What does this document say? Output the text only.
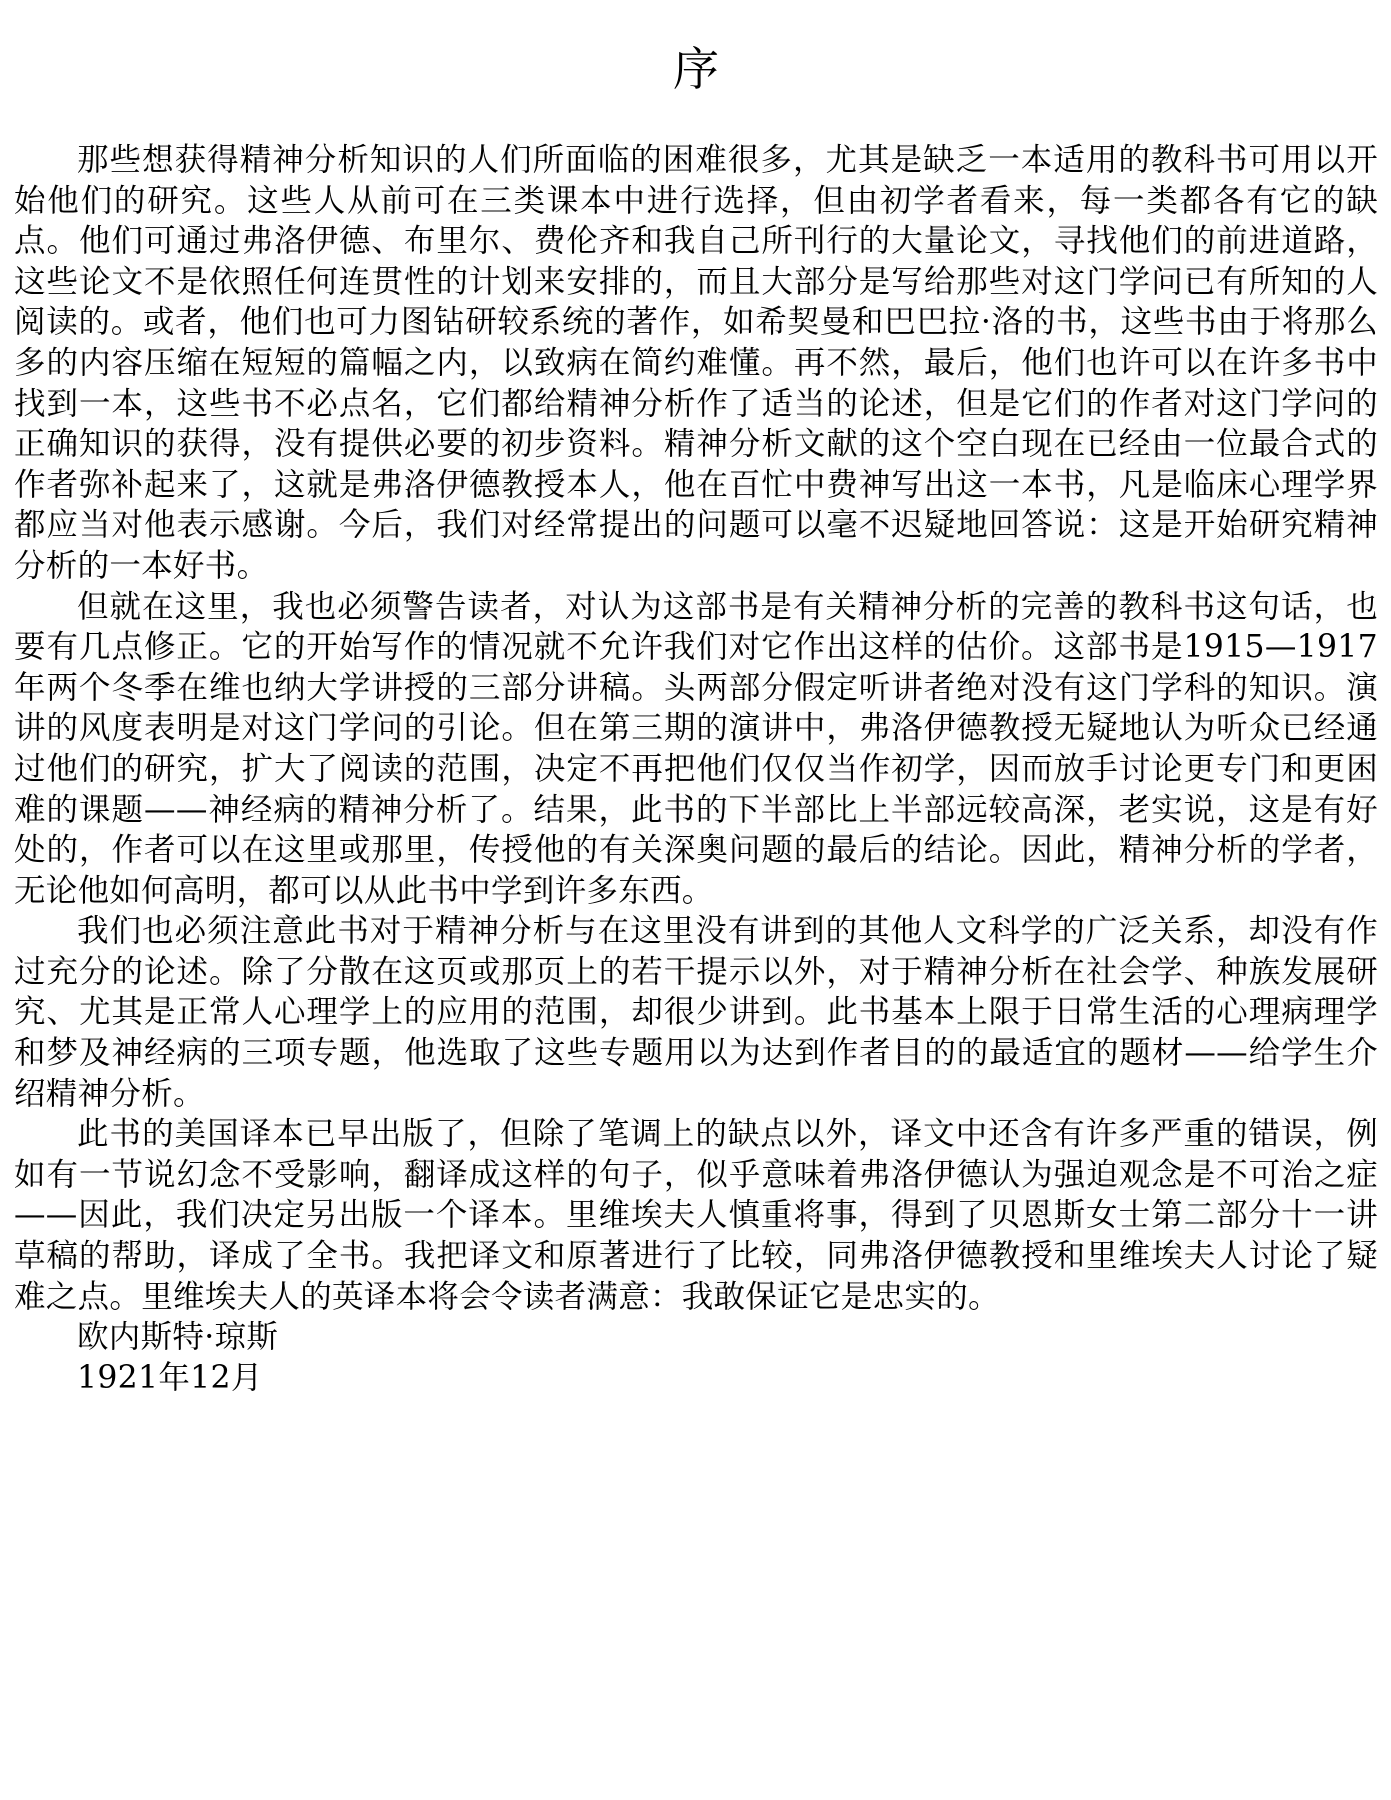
序

那些想获得精神分析知识的人们所面临的困难很多，尤其是缺乏一本适用的教科书可用以开始他们的研究。这些人从前可在三类课本中进行选择，但由初学者看来，每一类都各有它的缺点。他们可通过弗洛伊德、布里尔、费伦齐和我自己所刊行的大量论文，寻找他们的前进道路，这些论文不是依照任何连贯性的计划来安排的，而且大部分是写给那些对这门学问已有所知的人阅读的。或者，他们也可力图钻研较系统的著作，如希契曼和巴巴拉·洛的书，这些书由于将那么多的内容压缩在短短的篇幅之内，以致病在简约难懂。再不然，最后，他们也许可以在许多书中找到一本，这些书不必点名，它们都给精神分析作了适当的论述，但是它们的作者对这门学问的正确知识的获得，没有提供必要的初步资料。精神分析文献的这个空白现在已经由一位最合式的作者弥补起来了，这就是弗洛伊德教授本人，他在百忙中费神写出这一本书，凡是临床心理学界都应当对他表示感谢。今后，我们对经常提出的问题可以毫不迟疑地回答说：这是开始研究精神分析的一本好书。

但就在这里，我也必须警告读者，对认为这部书是有关精神分析的完善的教科书这句话，也要有几点修正。它的开始写作的情况就不允许我们对它作出这样的估价。这部书是1915—1917年两个冬季在维也纳大学讲授的三部分讲稿。头两部分假定听讲者绝对没有这门学科的知识。演讲的风度表明是对这门学问的引论。但在第三期的演讲中，弗洛伊德教授无疑地认为听众已经通过他们的研究，扩大了阅读的范围，决定不再把他们仅仅当作初学，因而放手讨论更专门和更困难的课题——神经病的精神分析了。结果，此书的下半部比上半部远较高深，老实说，这是有好处的，作者可以在这里或那里，传授他的有关深奥问题的最后的结论。因此，精神分析的学者，无论他如何高明，都可以从此书中学到许多东西。

我们也必须注意此书对于精神分析与在这里没有讲到的其他人文科学的广泛关系，却没有作过充分的论述。除了分散在这页或那页上的若干提示以外，对于精神分析在社会学、种族发展研究、尤其是正常人心理学上的应用的范围，却很少讲到。此书基本上限于日常生活的心理病理学和梦及神经病的三项专题，他选取了这些专题用以为达到作者目的的最适宜的题材——给学生介绍精神分析。

此书的美国译本已早出版了，但除了笔调上的缺点以外，译文中还含有许多严重的错误，例如有一节说幻念不受影响，翻译成这样的句子，似乎意味着弗洛伊德认为强迫观念是不可治之症——因此，我们决定另出版一个译本。里维埃夫人慎重将事，得到了贝恩斯女士第二部分十一讲草稿的帮助，译成了全书。我把译文和原著进行了比较，同弗洛伊德教授和里维埃夫人讨论了疑难之点。里维埃夫人的英译本将会令读者满意：我敢保证它是忠实的。

欧内斯特·琼斯

1921年12月
